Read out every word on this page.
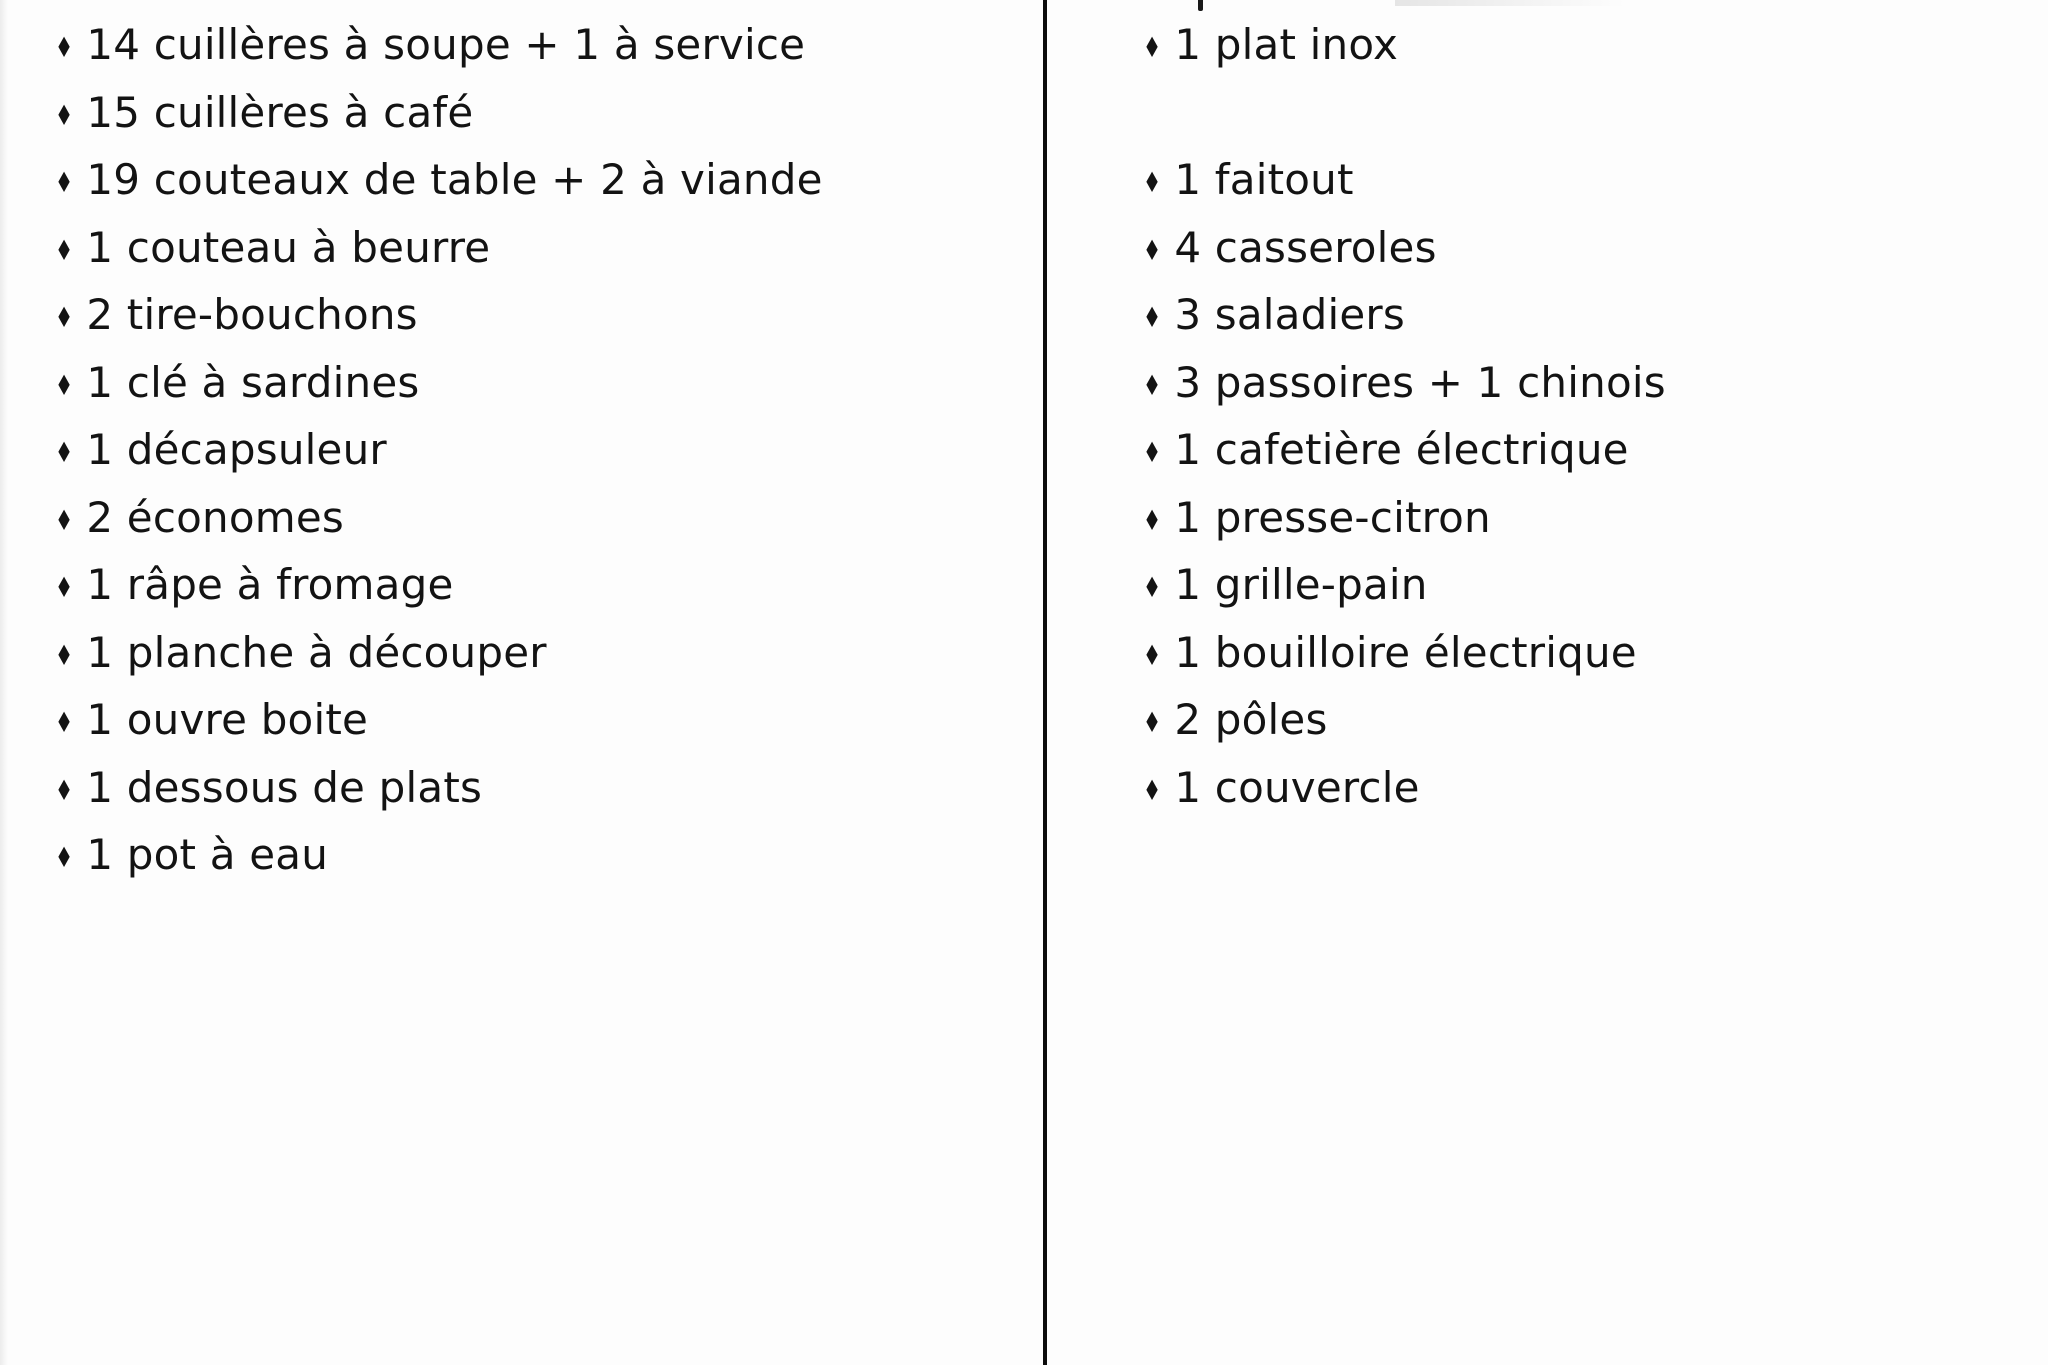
♦ 14 cuillères à soupe + 1 à service
♦ 15 cuillères à café
♦ 19 couteaux de table + 2 à viande
♦ 1 couteau à beurre
♦ 2 tire-bouchons
♦ 1 clé à sardines
♦ 1 décapsuleur
♦ 2 économes
♦ 1 râpe à fromage
♦ 1 planche à découper
♦ 1 ouvre boite
♦ 1 dessous de plats
♦ 1 pot à eau
♦ 1 plat inox
♦ 1 faitout
♦ 4 casseroles
♦ 3 saladiers
♦ 3 passoires + 1 chinois
♦ 1 cafetière électrique
♦ 1 presse-citron
♦ 1 grille-pain
♦ 1 bouilloire électrique
♦ 2 pôles
♦ 1 couvercle
